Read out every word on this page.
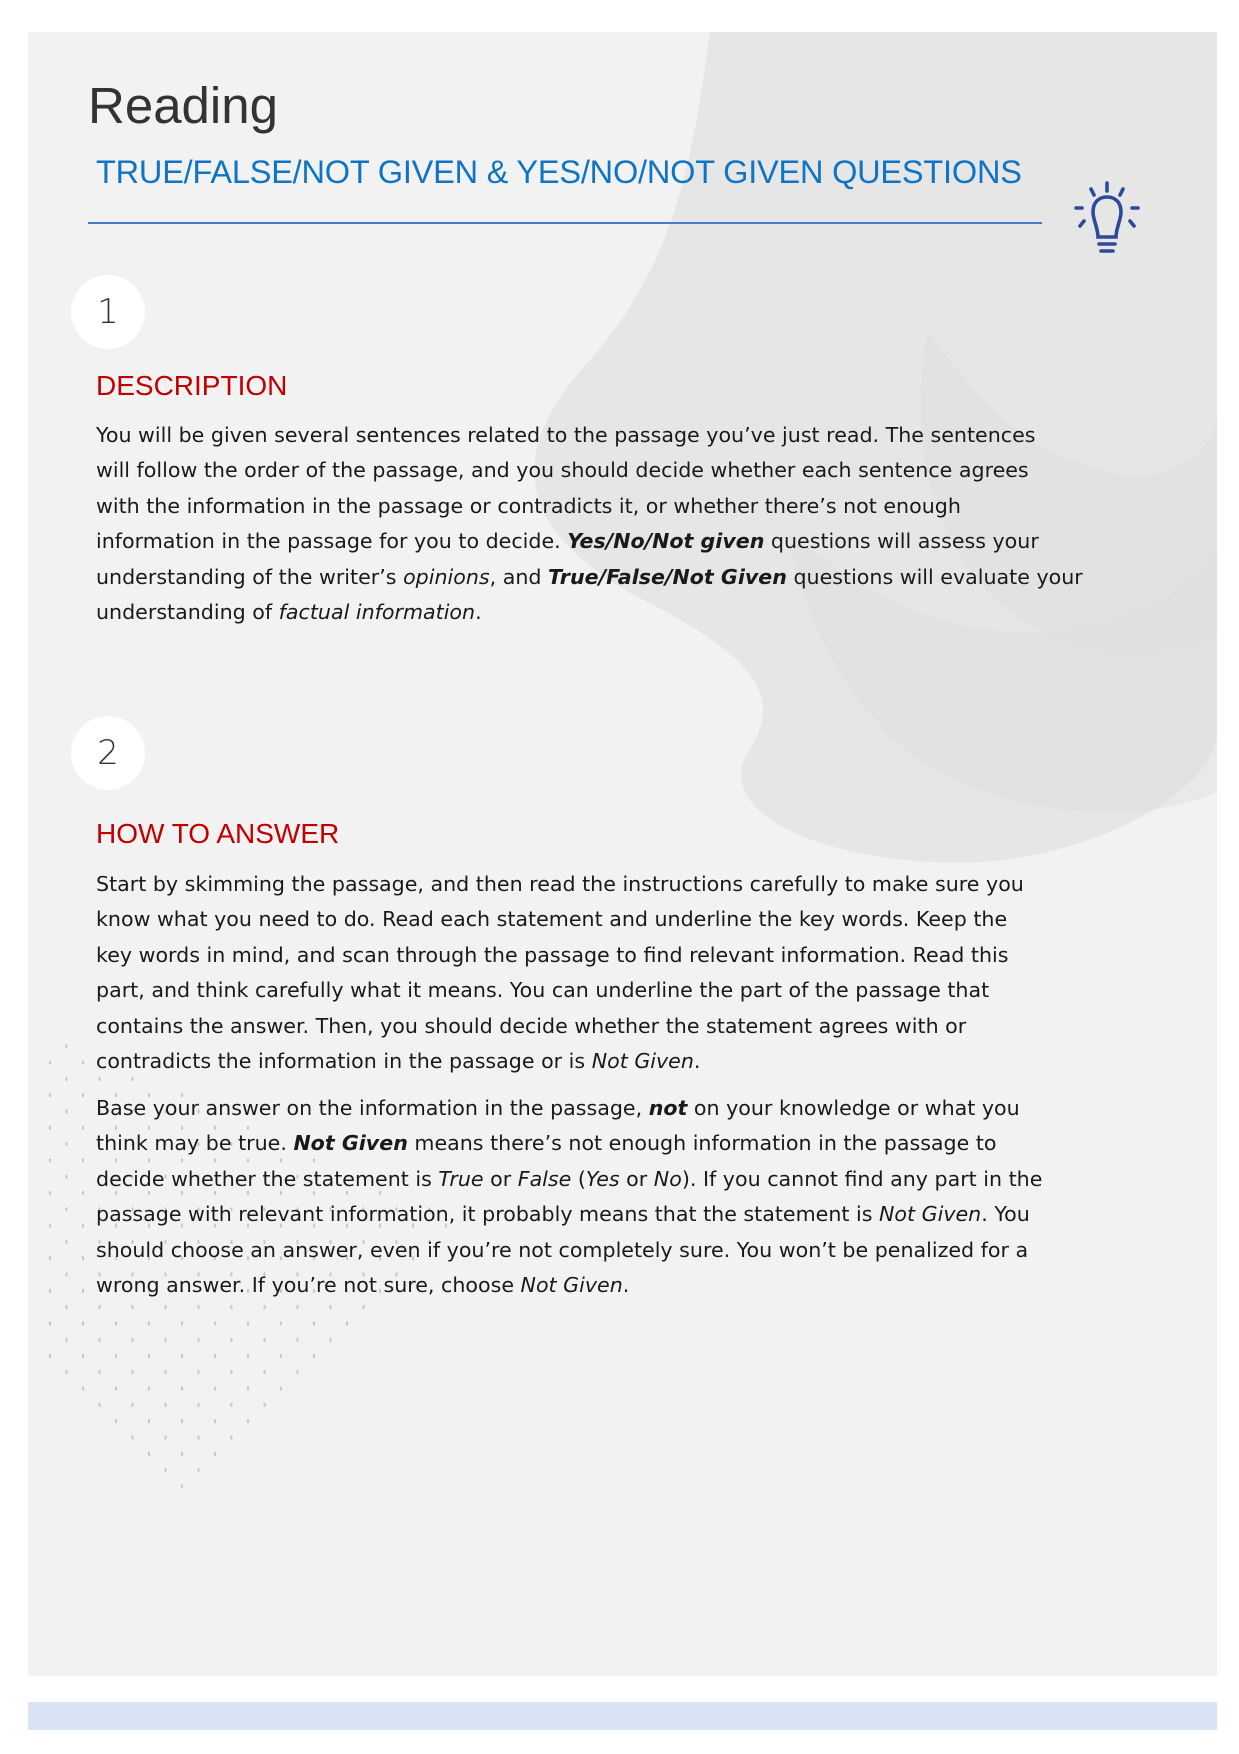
Reading
TRUE/FALSE/NOT GIVEN & YES/NO/NOT GIVEN QUESTIONS
1
DESCRIPTION
You will be given several sentences related to the passage you’ve just read. The sentences
will follow the order of the passage, and you should decide whether each sentence agrees
with the information in the passage or contradicts it, or whether there’s not enough
information in the passage for you to decide. Yes/No/Not given questions will assess your
understanding of the writer’s opinions, and True/False/Not Given questions will evaluate your
understanding of factual information.
2
HOW TO ANSWER
Start by skimming the passage, and then read the instructions carefully to make sure you
know what you need to do. Read each statement and underline the key words. Keep the
key words in mind, and scan through the passage to find relevant information. Read this
part, and think carefully what it means. You can underline the part of the passage that
contains the answer. Then, you should decide whether the statement agrees with or
contradicts the information in the passage or is Not Given.
Base your answer on the information in the passage, not on your knowledge or what you
think may be true. Not Given means there’s not enough information in the passage to
decide whether the statement is True or False (Yes or No). If you cannot find any part in the
passage with relevant information, it probably means that the statement is Not Given. You
should choose an answer, even if you’re not completely sure. You won’t be penalized for a
wrong answer. If you’re not sure, choose Not Given.
